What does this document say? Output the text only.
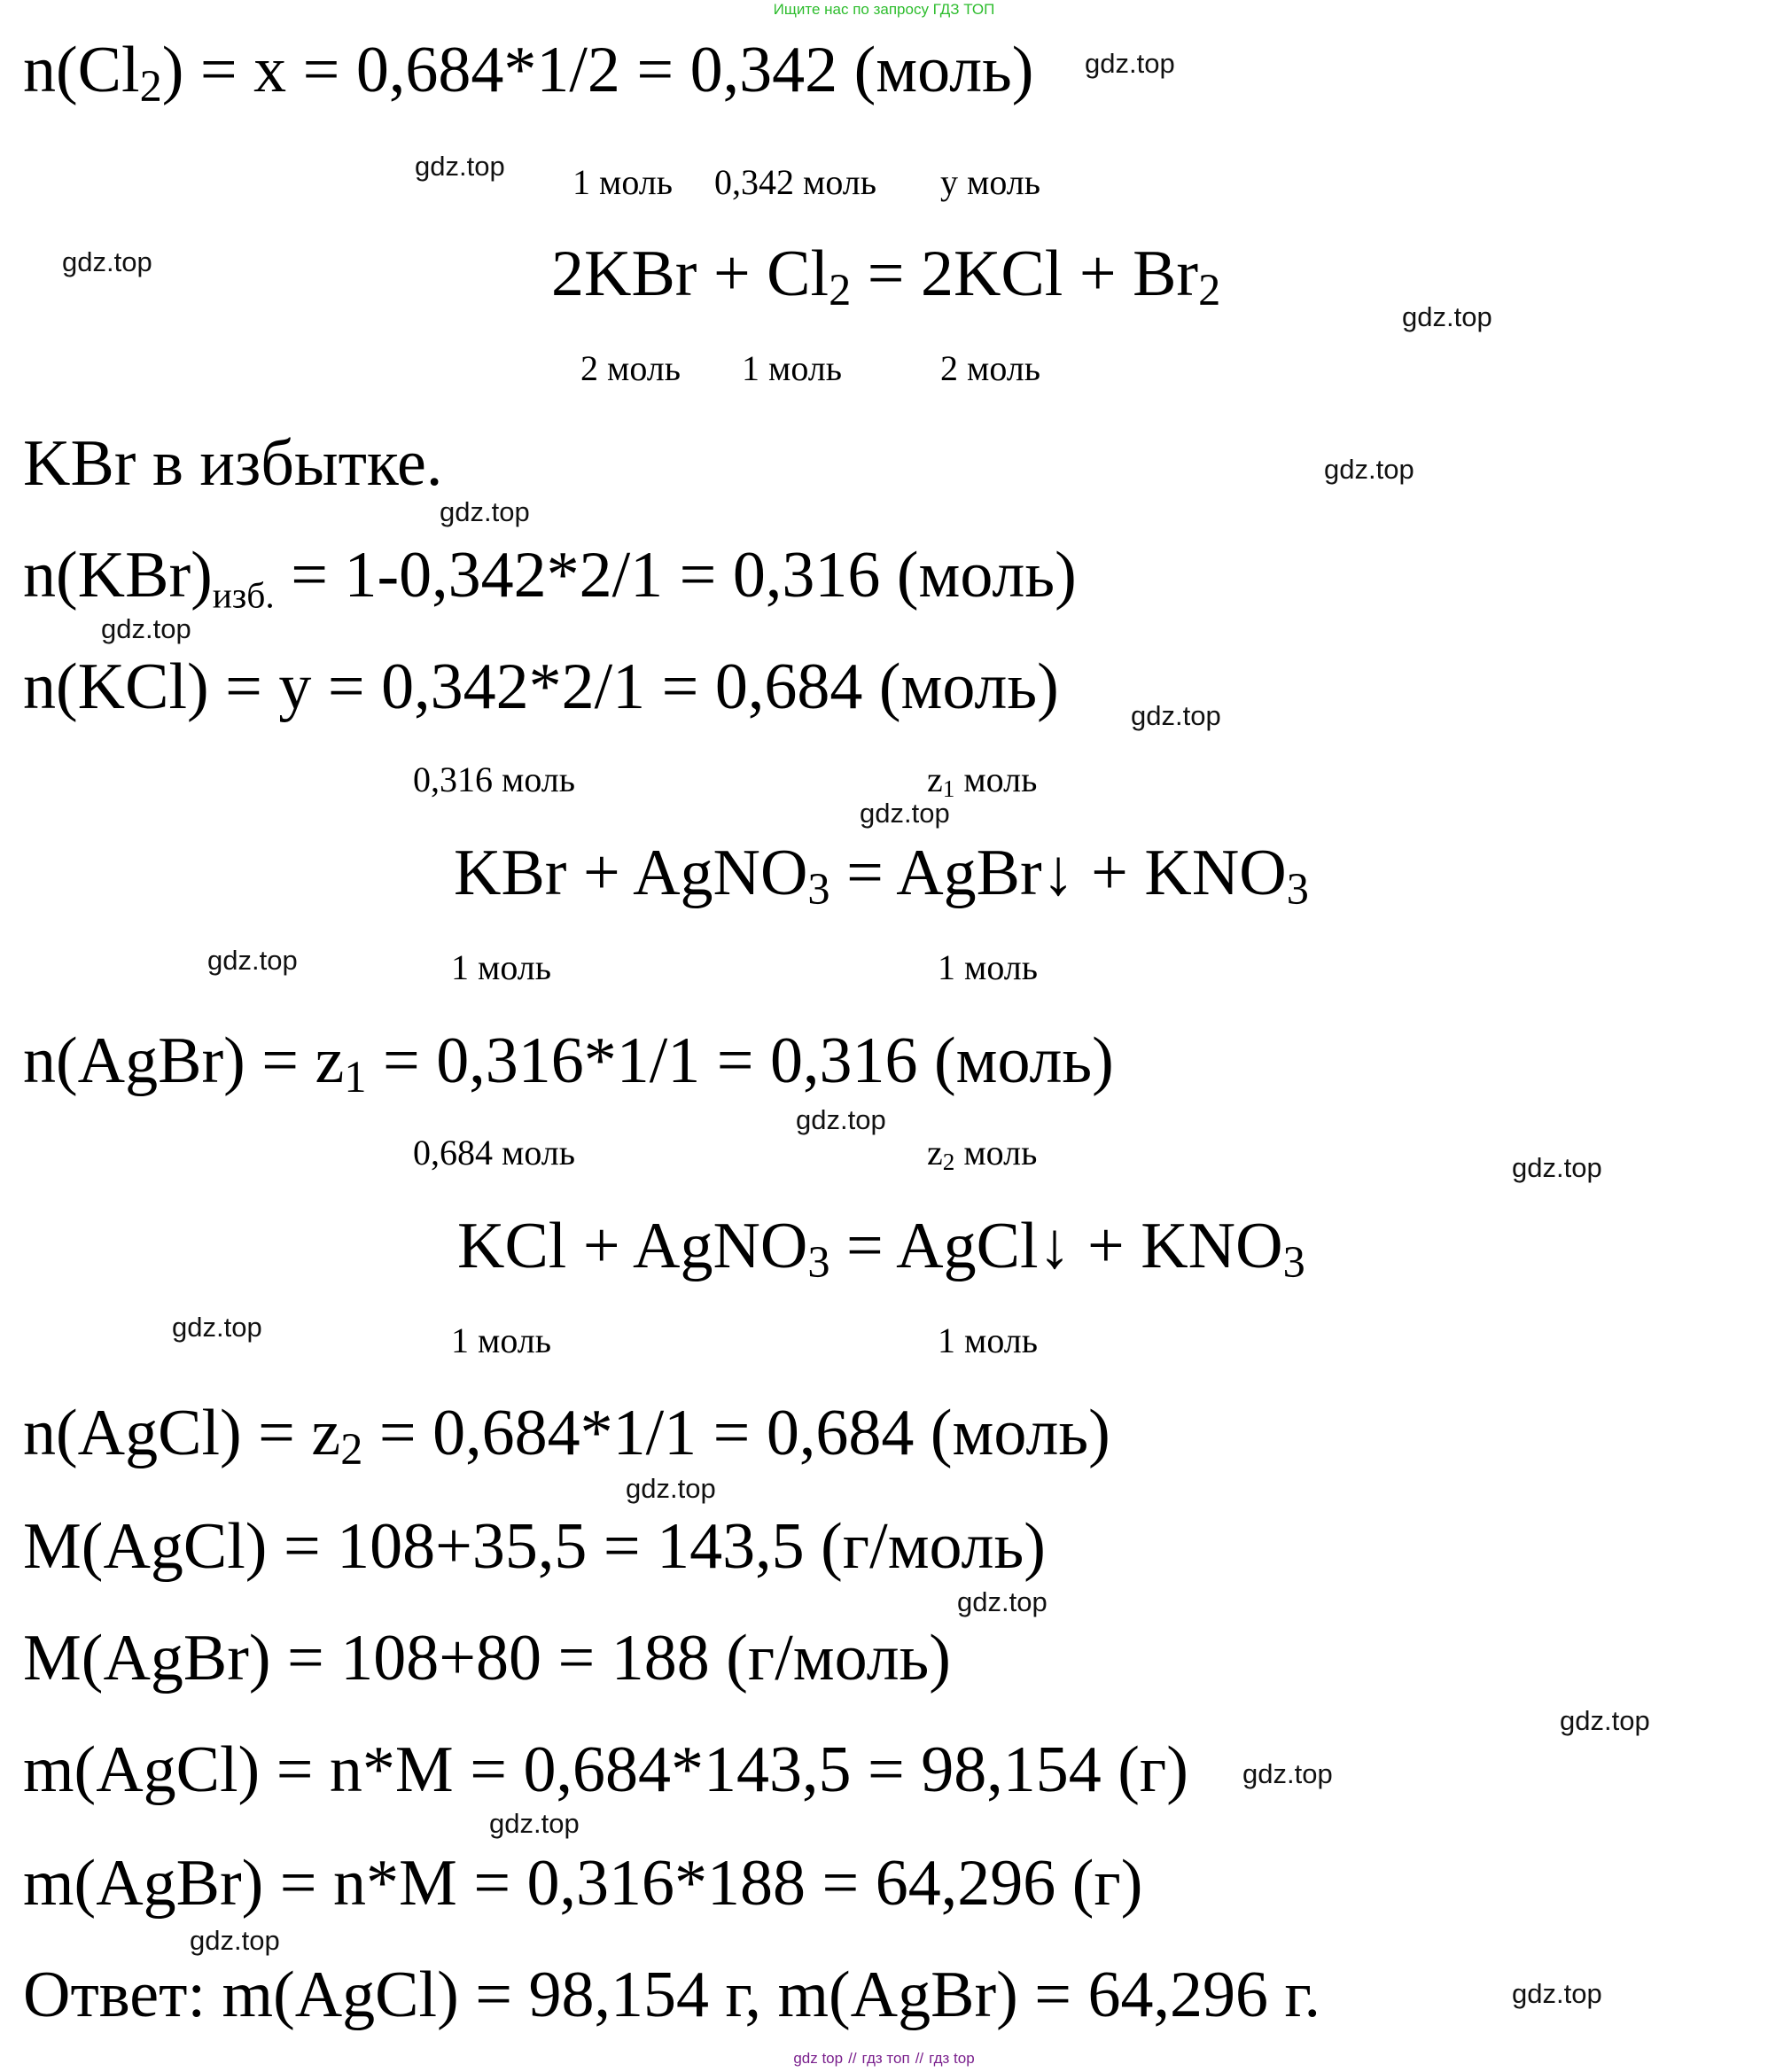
Ищите нас по запросу ГДЗ ТОП
$n(Cl_2) = x = 0,684*1/2 = 0,342$ (моль)
1 моль 0,342 моль y моль
$2KBr + Cl_2 = 2KCl + Br_2$
2 моль 1 моль	2 моль
KBr в избытке.
$n(KBr)_{изб.} = 1-0,342*2/1 = 0,316$ (моль)
n(KCl) = y = 0,342*2/1 = 0,684 (моль)
0,316 моль	$z_1$ моль
KBr + AgNO$_3$ = AgBr↓ + $KNO_3$
1 моль	1 моль
n(AgBr) = $z_1 = 0,316*1/1 = 0,316$ (моль)
0,684 моль	$z_2$ моль
KCl + AgNO$_3$ = AgCl↓ + $KNO_3$
1 моль	1 моль
n(AgCl) = $z_2 = 0,684*1/1 = 0,684$ (моль)
M(AgCl) = 108+35,5 = 143,5 (г/моль)
M(AgBr) = 108+80 = 188 (г/моль)
m(AgCl) = n*M = 0,684*143,5 = 98,154 (г)
m(AgBr) = n*M = 0,316*188 = 64,296 (г)
Ответ: m(AgCl) = 98,154 г, m(AgBr) = 64,296 г.
gdz.top
gdz.top
gdz.top
gdz.top
gdz.top
gdz.top
gdz.top
gdz.top
gdz.top
gdz.top
gdz.top
gdz.top
gdz.top
gdz.top
gdz.top
gdz.top
gdz.top
gdz.top
gdz.top
gdz.top
gdz top // гдз топ // гдз top
